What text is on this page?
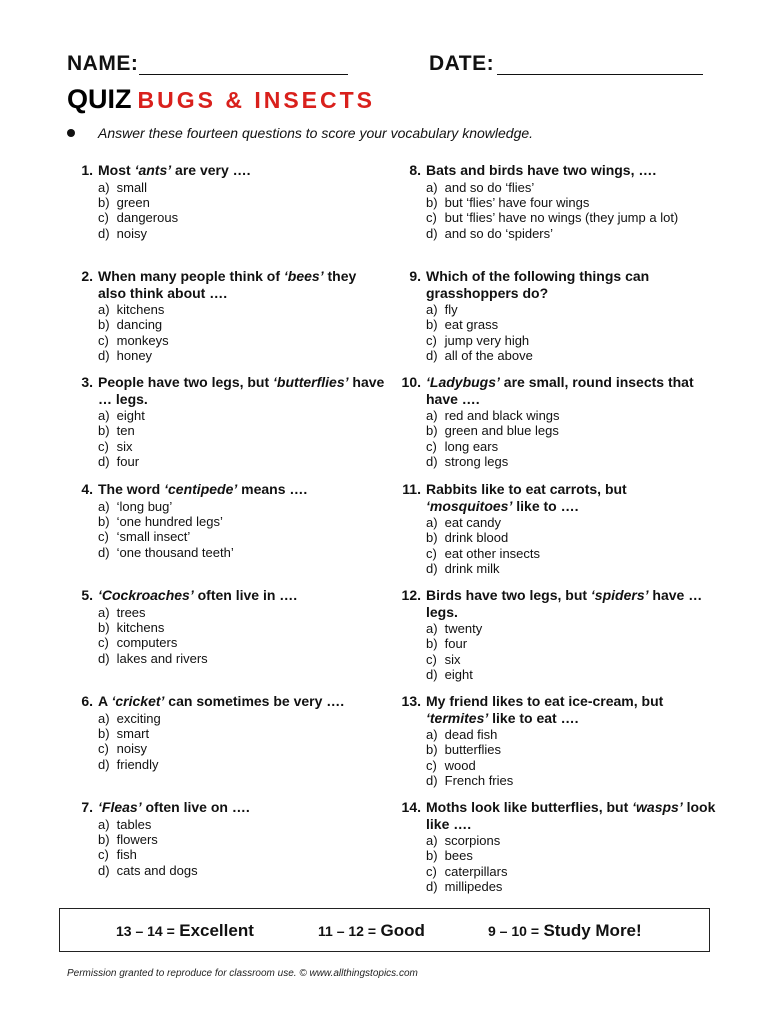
NAME:	DATE:
QUIZ BUGS & INSECTS
Answer these fourteen questions to score your vocabulary knowledge.
1. Most ‘ants’ are very ….
a) small
b) green
c) dangerous
d) noisy
2. When many people think of ‘bees’ they also think about ….
a) kitchens
b) dancing
c) monkeys
d) honey
3. People have two legs, but ‘butterflies’ have … legs.
a) eight
b) ten
c) six
d) four
4. The word ‘centipede’ means ….
a) ‘long bug’
b) ‘one hundred legs’
c) ‘small insect’
d) ‘one thousand teeth’
5. ‘Cockroaches’ often live in ….
a) trees
b) kitchens
c) computers
d) lakes and rivers
6. A ‘cricket’ can sometimes be very ….
a) exciting
b) smart
c) noisy
d) friendly
7. ‘Fleas’ often live on ….
a) tables
b) flowers
c) fish
d) cats and dogs
8. Bats and birds have two wings, ….
a) and so do ‘flies’
b) but ‘flies’ have four wings
c) but ‘flies’ have no wings (they jump a lot)
d) and so do ‘spiders’
9. Which of the following things can grasshoppers do?
a) fly
b) eat grass
c) jump very high
d) all of the above
10. ‘Ladybugs’ are small, round insects that have ….
a) red and black wings
b) green and blue legs
c) long ears
d) strong legs
11. Rabbits like to eat carrots, but ‘mosquitoes’ like to ….
a) eat candy
b) drink blood
c) eat other insects
d) drink milk
12. Birds have two legs, but ‘spiders’ have … legs.
a) twenty
b) four
c) six
d) eight
13. My friend likes to eat ice-cream, but ‘termites’ like to eat ….
a) dead fish
b) butterflies
c) wood
d) French fries
14. Moths look like butterflies, but ‘wasps’ look like ….
a) scorpions
b) bees
c) caterpillars
d) millipedes
13 – 14 = Excellent	11 – 12 = Good	9 – 10 = Study More!
Permission granted to reproduce for classroom use. © www.allthingstopics.com
